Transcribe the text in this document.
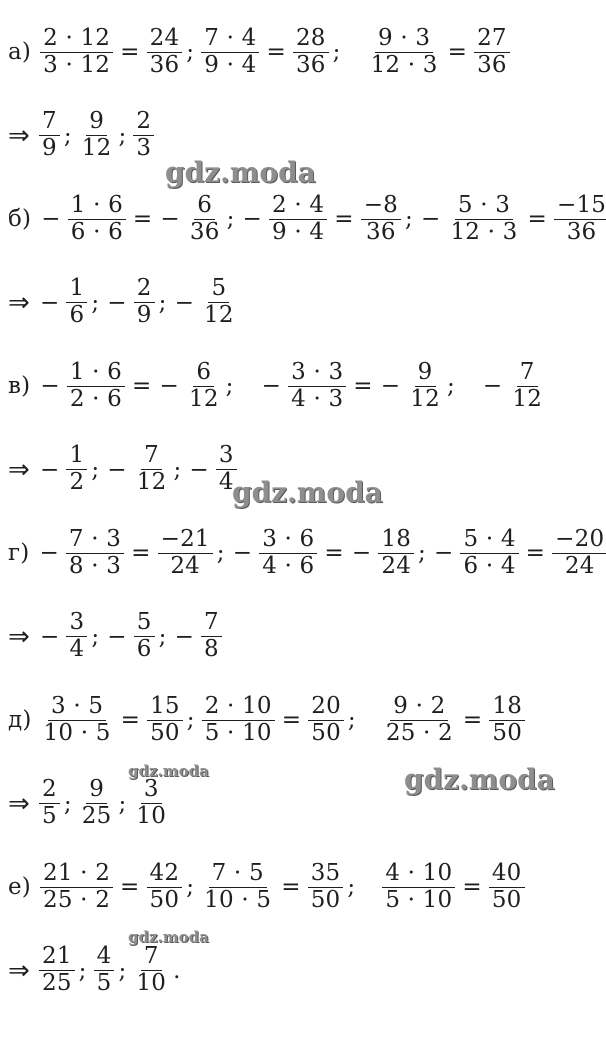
$а) \frac{2 \cdot 12}{3 \cdot 12} = \frac{24}{36}$ ; $\frac{7 \cdot 4}{9 \cdot 4} = \frac{28}{36}$ ; $\frac{9 \cdot 3}{12 \cdot 3} = \frac{27}{36}$
⇒ $\frac{7}{9}$ ; $\frac{9}{12}$ ; $\frac{2}{3}$
$б) - \frac{1 \cdot 6}{6 \cdot 6}$ = − $\frac{6}{36}$ ; − $\frac{2 \cdot 4}{9 \cdot 4} = \frac{-8}{36}$ ; − $\frac{5 \cdot 3}{12 \cdot 3} = \frac{-15}{36}$
⇒ − $\frac{1}{6}$ ; − $\frac{2}{9}$ ; − $\frac{5}{12}$
$в) - \frac{1 \cdot 6}{2 \cdot 6}$ = − $\frac{6}{12}$ ; − $\frac{3 \cdot 3}{4 \cdot 3}$ = − $\frac{9}{12}$ ; − $\frac{7}{12}$
⇒ − $\frac{1}{2}$ ; − $\frac{7}{12}$ ; − $\frac{3}{4}$
$г) - \frac{7 \cdot 3}{8 \cdot 3} = \frac{-21}{24}$ ; − $\frac{3 \cdot 6}{4 \cdot 6}$ = − $\frac{18}{24}$ ; − $\frac{5 \cdot 4}{6 \cdot 4} = \frac{-20}{24}$
⇒ − $\frac{3}{4}$ ; − $\frac{5}{6}$ ; − $\frac{7}{8}$
$д) \frac{3 \cdot 5}{10 \cdot 5} = \frac{15}{50}$ ; $\frac{2 \cdot 10}{5 \cdot 10} = \frac{20}{50}$ ; $\frac{9 \cdot 2}{25 \cdot 2} = \frac{18}{50}$
⇒ $\frac{2}{5}$ ; $\frac{9}{25}$ ; $\frac{3}{10}$
$е) \frac{21 \cdot 2}{25 \cdot 2} = \frac{42}{50}$ ; $\frac{7 \cdot 5}{10 \cdot 5} = \frac{35}{50}$ ; $\frac{4 \cdot 10}{5 \cdot 10} = \frac{40}{50}$
⇒ $\frac{21}{25}$ ; $\frac{4}{5}$ ; $\frac{7}{10}$ .
gdz.moda
gdz.moda
gdz.moda	gdz.moda
gdz.moda
